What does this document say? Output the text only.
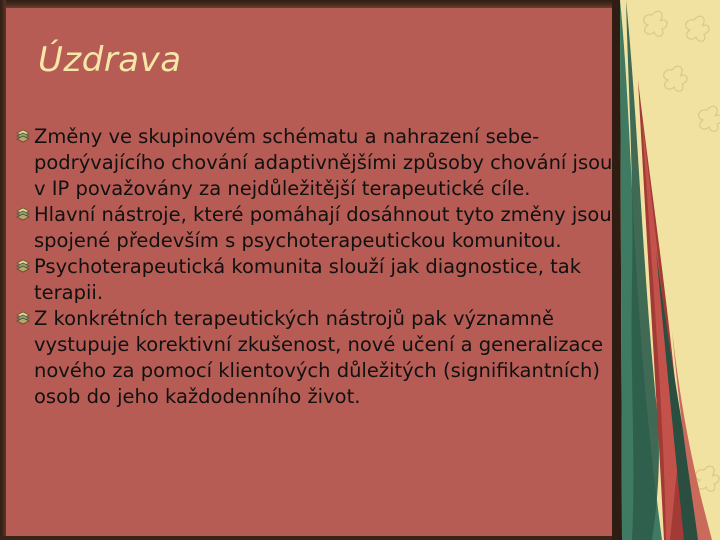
Úzdrava
Změny ve skupinovém schématu a nahrazení sebe-podrývajícího chování adaptivnějšími způsoby chování jsou v IP považovány za nejdůležitější terapeutické cíle.
Hlavní nástroje, které pomáhají dosáhnout tyto změny jsou spojené především s psychoterapeutickou komunitou.
Psychoterapeutická komunita slouží jak diagnostice, tak terapii.
Z konkrétních terapeutických nástrojů pak významně vystupuje korektivní zkušenost, nové učení a generalizace nového za pomocí klientových důležitých (signifikantních) osob do jeho každodenního život.
